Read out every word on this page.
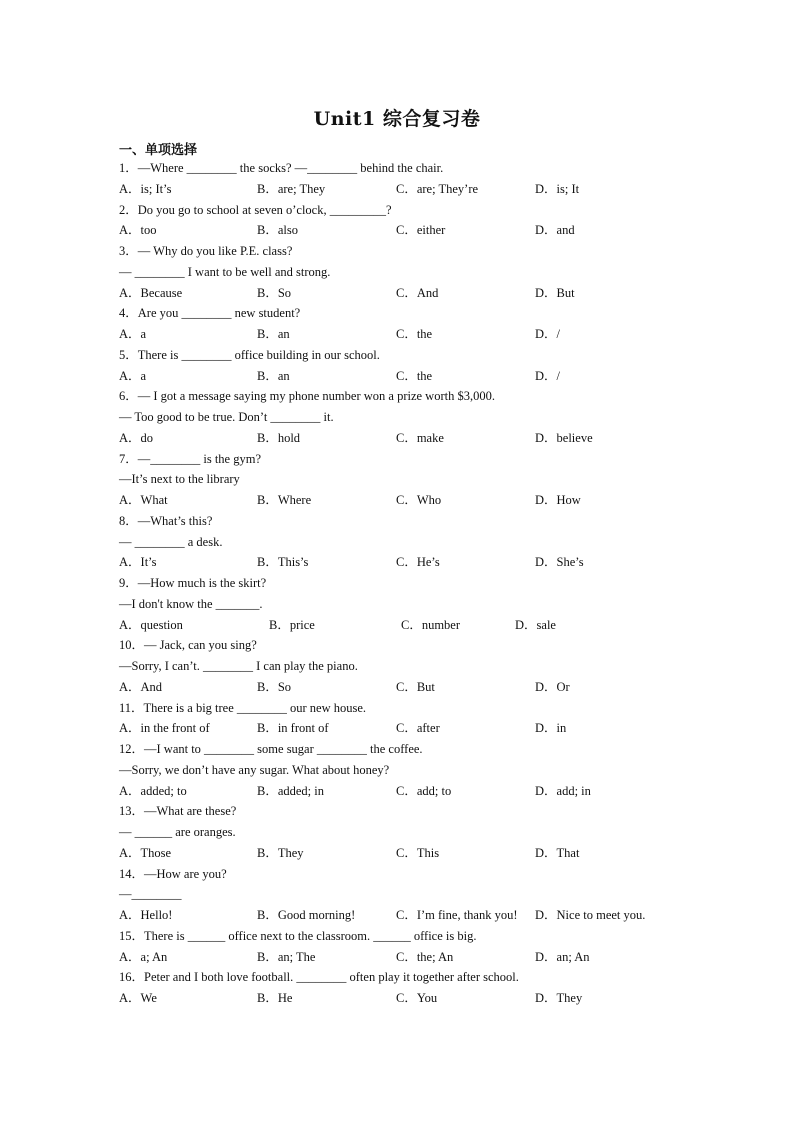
Unit1 综合复习卷
一、单项选择
1．—Where ________ the socks? —________ behind the chair.
A．is; It’s	B．are; They	C．are; They’re	D．is; It
2．Do you go to school at seven o’clock, _________?
A．too	B．also	C．either	D．and
3．— Why do you like P.E. class?
— ________ I want to be well and strong.
A．Because	B．So	C．And	D．But
4．Are you ________ new student?
A．a	B．an	C．the	D．/
5．There is ________ office building in our school.
A．a	B．an	C．the	D．/
6．— I got a message saying my phone number won a prize worth $3,000.
— Too good to be true. Don’t ________ it.
A．do	B．hold	C．make	D．believe
7．—________ is the gym?
—It’s next to the library
A．What	B．Where	C．Who	D．How
8．—What’s this?
— ________ a desk.
A．It’s	B．This’s	C．He’s	D．She’s
9．—How much is the skirt?
—I don't know the _______.
A．question	B．price	C．number	D．sale
10．— Jack, can you sing?
—Sorry, I can’t. ________ I can play the piano.
A．And	B．So	C．But	D．Or
11．There is a big tree ________ our new house.
A．in the front of	B．in front of	C．after	D．in
12．—I want to ________ some sugar ________ the coffee.
—Sorry, we don’t have any sugar. What about honey?
A．added; to	B．added; in	C．add; to	D．add; in
13．—What are these?
— ______ are oranges.
A．Those	B．They	C．This	D．That
14．—How are you?
—________
A．Hello!	B．Good morning!	C．I’m fine, thank you! D．Nice to meet you.
15．There is ______ office next to the classroom. ______ office is big.
A．a; An	B．an; The	C．the; An	D．an; An
16．Peter and I both love football. ________ often play it together after school.
A．We	B．He	C．You	D．They
